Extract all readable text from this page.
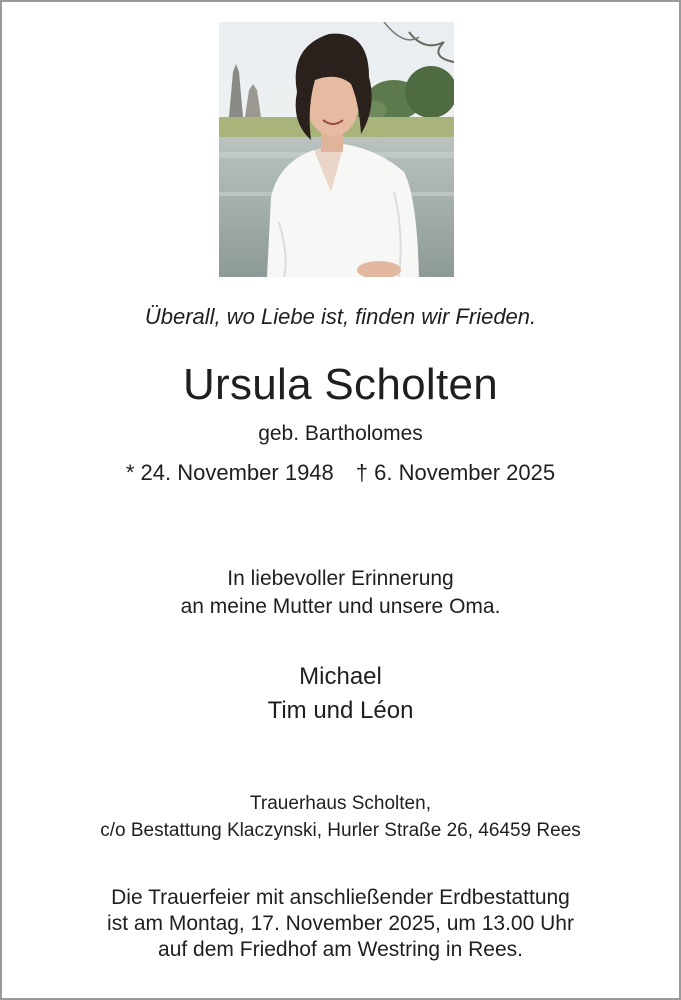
Überall, wo Liebe ist, finden wir Frieden.
Ursula Scholten
geb. Bartholomes
* 24. November 1948 † 6. November 2025
In liebevoller Erinnerung
an meine Mutter und unsere Oma.
Michael
Tim und Léon
Trauerhaus Scholten,
c/o Bestattung Klaczynski, Hurler Straße 26, 46459 Rees
Die Trauerfeier mit anschließender Erdbestattung
ist am Montag, 17. November 2025, um 13.00 Uhr
auf dem Friedhof am Westring in Rees.
